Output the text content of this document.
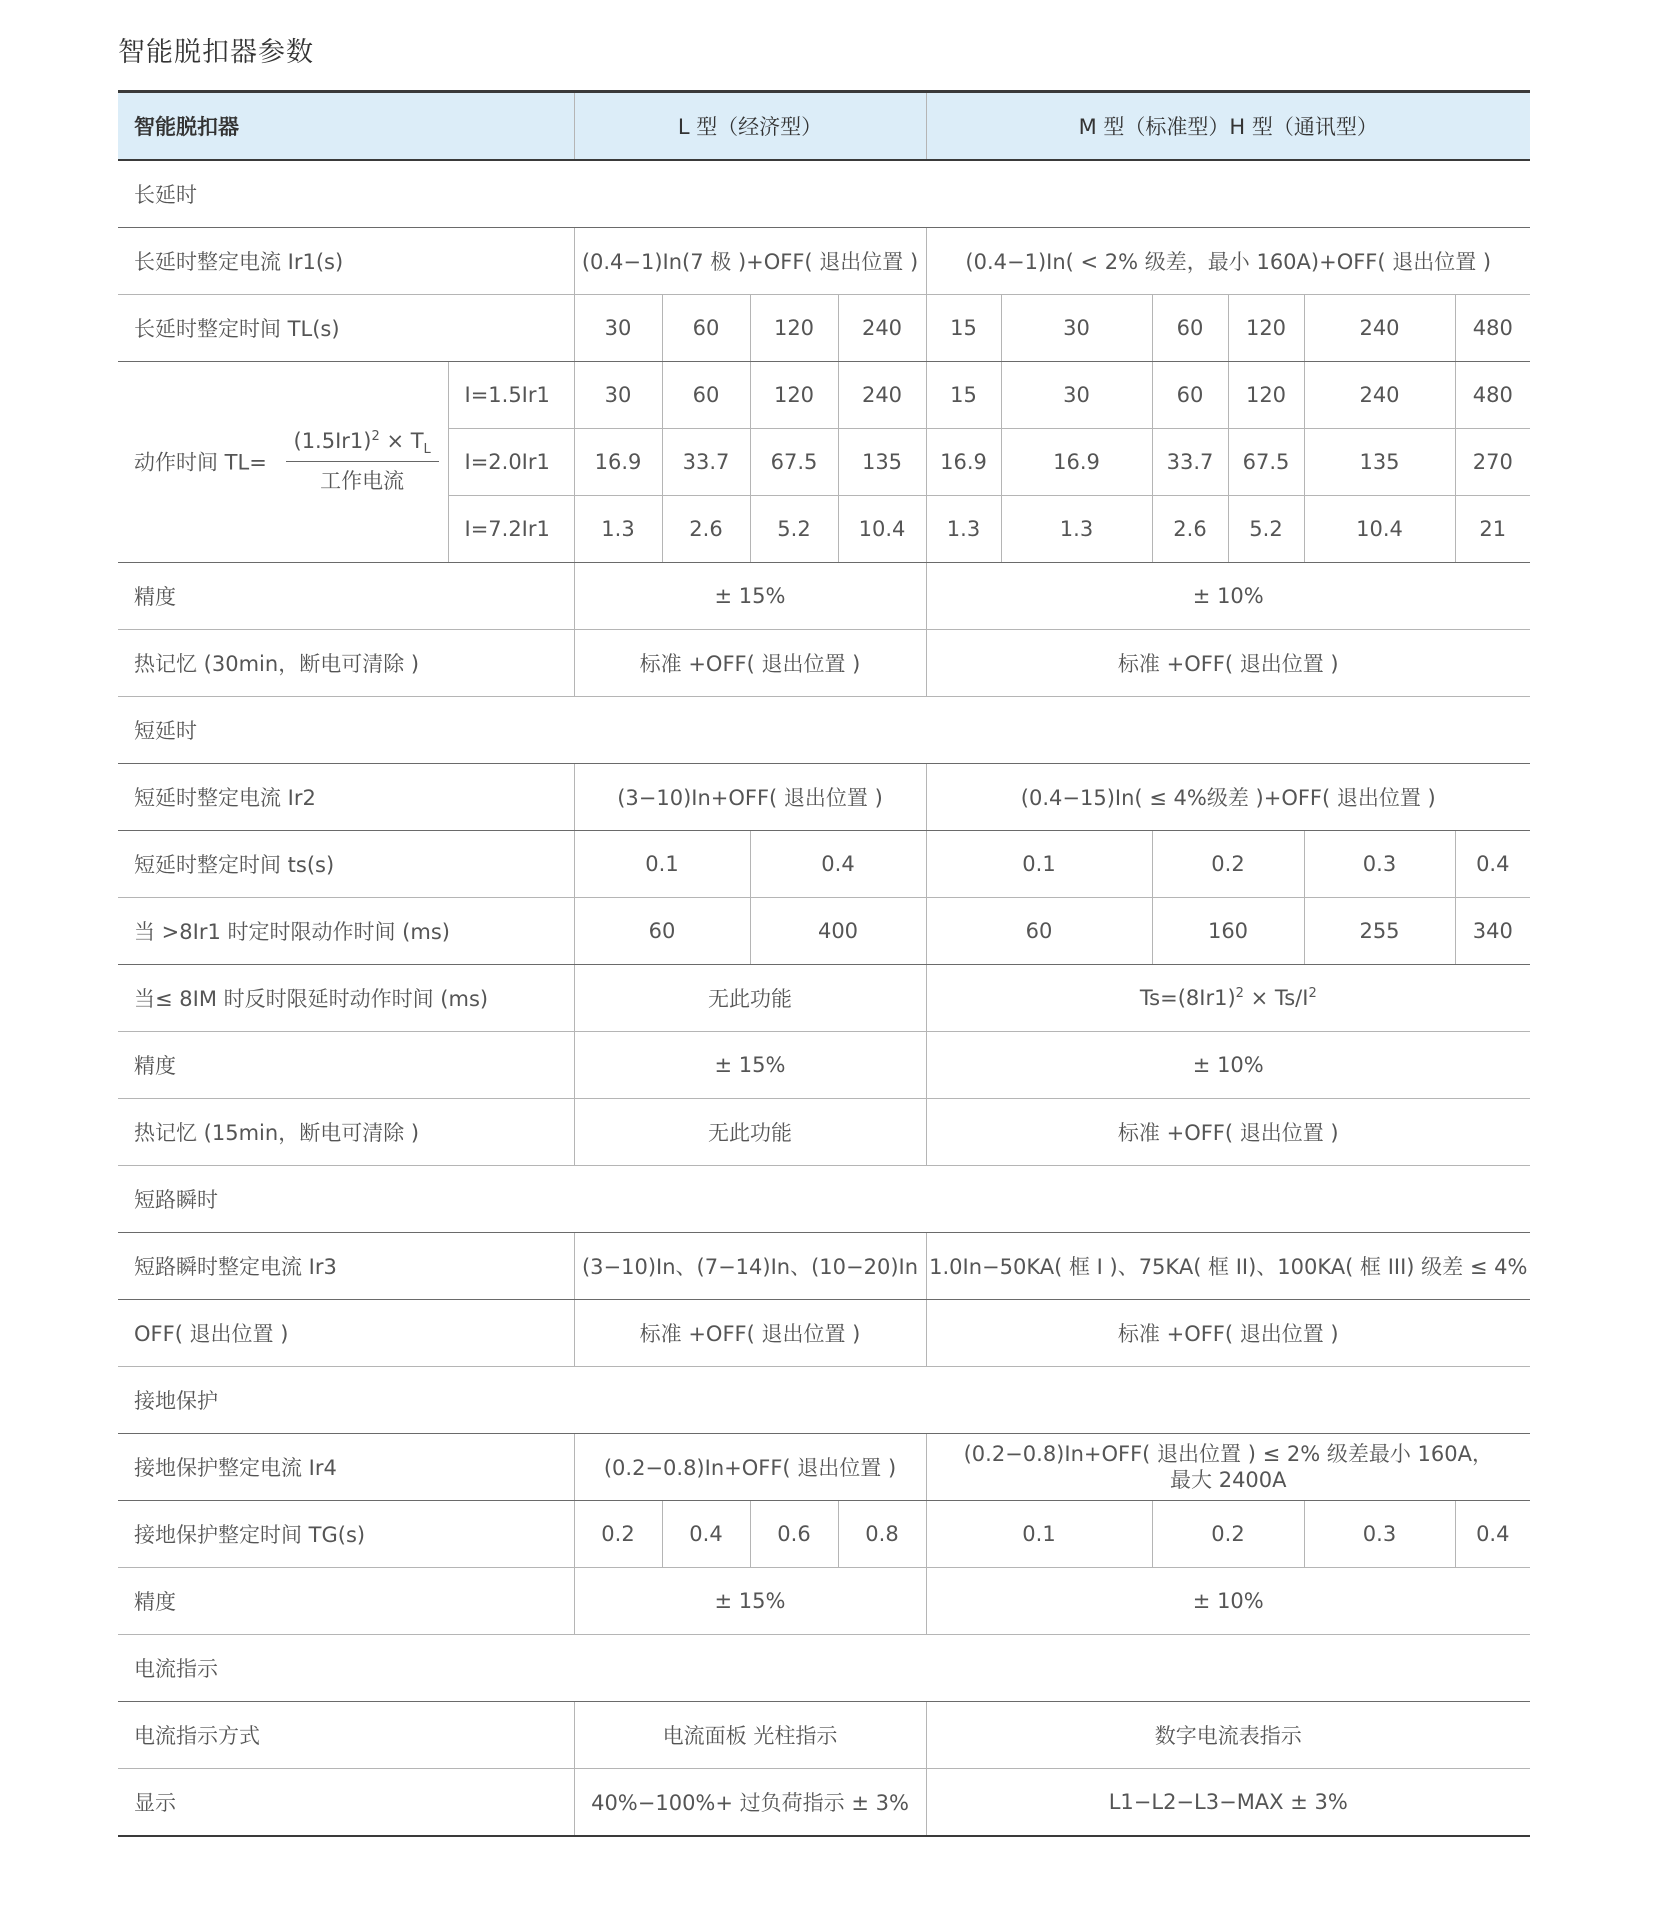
智能脱扣器参数
智能脱扣器		L 型（经济型）				M 型（标准型）H 型（通讯型）					
长延时											
长延时整定电流 Ir1(s)		(0.4−1)In(7 极 )+OFF( 退出位置 )				(0.4−1)In( < 2% 级差，最小 160A)+OFF( 退出位置 )					
长延时整定时间 TL(s)		30	60	120	240	15	30	60	120	240	480
动作时间 $TL= \frac{(1.5Ir1)^2 \times T_L}{\text{工作电流}}$	I=1.5Ir1	30	60	120	240	15	30	60	120	240	480
	I=2.0Ir1	16.9	33.7	67.5	135	16.9	16.9	33.7	67.5	135	270
	I=7.2Ir1	1.3	2.6	5.2	10.4	1.3	1.3	2.6	5.2	10.4	21
精度		± 15%				± 10%					
热记忆 (30min，断电可清除 )		标准 +OFF( 退出位置 )				标准 +OFF( 退出位置 )					
短延时											
短延时整定电流 Ir2		(3−10)In+OFF( 退出位置 )				(0.4−15)In( ≤ 4%级差 )+OFF( 退出位置 )					
短延时整定时间 ts(s)		0.1		0.4		0.1		0.2		0.3	0.4
当 >8Ir1 时定时限动作时间 (ms)		60		400		60		160		255	340
当≤ 8IM 时反时限延时动作时间 (ms)		无此功能				$Ts=(8Ir1)^2 \times Ts/I^2$
精度		± 15%				± 10%					
热记忆 (15min，断电可清除 )		无此功能				标准 +OFF( 退出位置 )					
短路瞬时											
短路瞬时整定电流 Ir3		(3−10)In、(7−14)In、(10−20)In				1.0In−50KA( 框 I )、75KA( 框 II)、100KA( 框 III) 级差 ≤ 4%					
OFF( 退出位置 )		标准 +OFF( 退出位置 )				标准 +OFF( 退出位置 )					
接地保护											
接地保护整定电流 Ir4		(0.2−0.8)In+OFF( 退出位置 )				(0.2−0.8)In+OFF( 退出位置 ) ≤ 2% 级差最小 160A，
最大 2400A					

接地保护整定时间 TG(s)		0.2	0.4	0.6	0.8	0.1		0.2		0.3	0.4
精度		± 15%				± 10%					
电流指示											
电流指示方式		电流面板 光柱指示				数字电流表指示					
显示		40%−100%+ 过负荷指示 ± 3%				L1−L2−L3−MAX ± 3%					
